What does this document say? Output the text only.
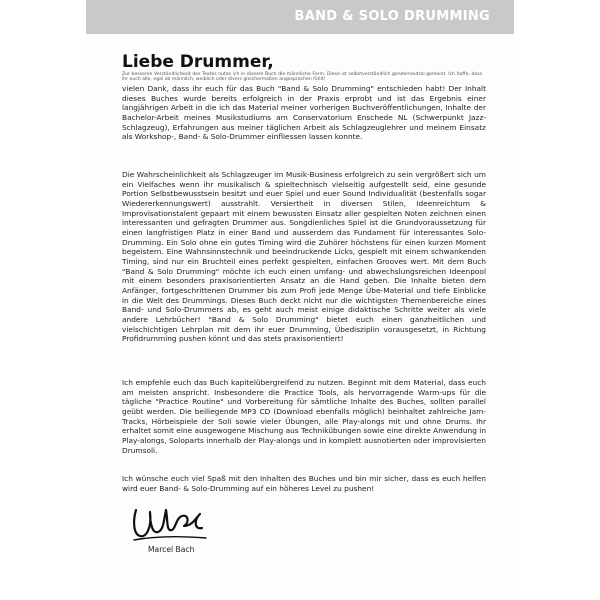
BAND & SOLO DRUMMING
Liebe Drummer,
Zur besseren Verständlichkeit des Textes nutze ich in diesem Buch die männliche Form. Diese ist selbstverständlich genderneutral gemeint. Ich hoffe, dass ihr euch alle, egal ob männlich, weiblich oder divers gleichermaßen angesprochen fühlt!

vielen Dank, dass ihr euch für das Buch "Band & Solo Drumming" entschieden habt! Der Inhalt dieses Buches wurde bereits erfolgreich in der Praxis erprobt und ist das Ergebnis einer langjährigen Arbeit in die ich das Material meiner vorherigen Buchveröffentlichungen, Inhalte der Bachelor-Arbeit meines Musikstudiums am Conservatorium Enschede NL (Schwerpunkt Jazz-Schlagzeug), Erfahrungen aus meiner täglichen Arbeit als Schlagzeuglehrer und meinem Einsatz als Workshop-, Band- & Solo-Drummer einfliessen lassen konnte.

Die Wahrscheinlichkeit als Schlagzeuger im Musik-Business erfolgreich zu sein vergrößert sich um ein Vielfaches wenn ihr musikalisch & spieltechnisch vielseitig aufgestellt seid, eine gesunde Portion Selbstbewusstsein besitzt und euer Spiel und euer Sound Individualität (bestenfalls sogar Wiedererkennungswert) ausstrahlt. Versiertheit in diversen Stilen, Ideenreichtum & Improvisationstalent gepaart mit einem bewussten Einsatz aller gespielten Noten zeichnen einen interessanten und gefragten Drummer aus. Songdienliches Spiel ist die Grundvoraussetzung für einen langfristigen Platz in einer Band und ausserdem das Fundament für interessantes Solo-Drumming. Ein Solo ohne ein gutes Timing wird die Zuhörer höchstens für einen kurzen Moment begeistern. Eine Wahnsinnstechnik und beeindruckende Licks, gespielt mit einem schwankenden Timing, sind nur ein Bruchteil eines perfekt gespielten, einfachen Grooves wert. Mit dem Buch "Band & Solo Drumming" möchte ich euch einen umfang- und abwechslungsreichen Ideenpool mit einem besonders praxisorientierten Ansatz an die Hand geben. Die Inhalte bieten dem Anfänger, fortgeschrittenen Drummer bis zum Profi jede Menge Übe-Material und tiefe Einblicke in die Welt des Drummings. Dieses Buch deckt nicht nur die wichtigsten Themenbereiche eines Band- und Solo-Drummers ab, es geht auch meist einige didaktische Schritte weiter als viele andere Lehrbücher! "Band & Solo Drumming" bietet euch einen ganzheitlichen und vielschichtigen Lehrplan mit dem ihr euer Drumming, Übedisziplin vorausgesetzt, in Richtung Profidrumming pushen könnt und das stets praxisorientiert!

Ich empfehle euch das Buch kapitelübergreifend zu nutzen. Beginnt mit dem Material, dass euch am meisten anspricht. Insbesondere die Practice Tools, als hervorragende Warm-ups für die tägliche "Practice Routine" und Vorbereitung für sämtliche Inhalte des Buches, sollten parallel geübt werden. Die beiliegende MP3 CD (Download ebenfalls möglich) beinhaltet zahlreiche Jam-Tracks, Hörbeispiele der Soli sowie vieler Übungen, alle Play-alongs mit und ohne Drums. Ihr erhaltet somit eine ausgewogene Mischung aus Technikübungen sowie eine direkte Anwendung in Play-alongs, Soloparts innerhalb der Play-alongs und in komplett ausnotierten oder improvisierten Drumsoli.

Ich wünsche euch viel Spaß mit den Inhalten des Buches und bin mir sicher, dass es euch helfen wird euer Band- & Solo-Drumming auf ein höheres Level zu pushen!

Marcel Bach
